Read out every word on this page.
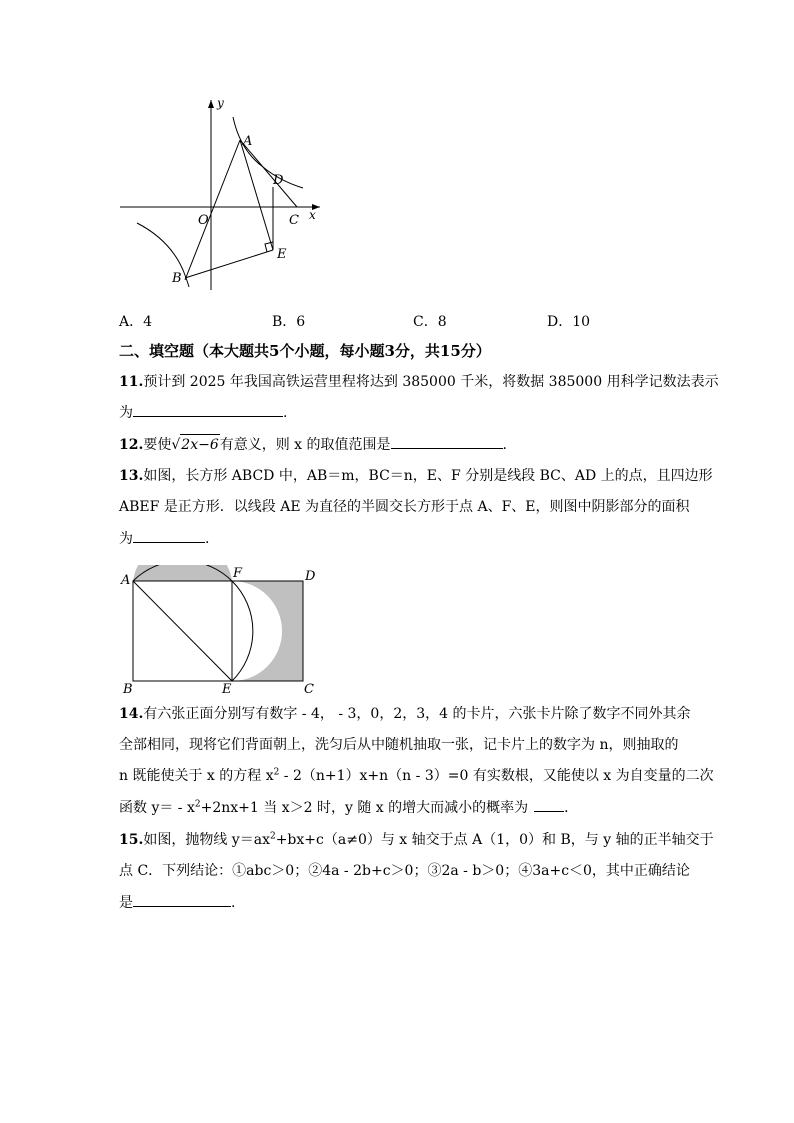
y
x
O
A
B
C
D
E
A．4	B．6	C．8	D．10
二、填空题（本大题共5个小题，每小题3分，共15分）
11.预计到 2025 年我国高铁运营里程将达到 385000 千米，将数据 385000 用科学记数法表示
为	.
12.要使√2x−6有意义，则 x 的取值范围是	.
13.如图，长方形 ABCD 中，AB＝m，BC＝n，E、F 分别是线段 BC、AD 上的点，且四边形
ABEF 是正方形．以线段 AE 为直径的半圆交长方形于点 A、F、E，则图中阴影部分的面积
为	.
A	F	D
B	E	C
14.有六张正面分别写有数字 - 4， - 3，0，2，3，4 的卡片，六张卡片除了数字不同外其余
全部相同，现将它们背面朝上，洗匀后从中随机抽取一张，记卡片上的数字为 n，则抽取的
n 既能使关于 x 的方程 $x^2 - 2(n+1)x+n(n - 3)=0$ 有实数根，又能使以 x 为自变量的二次
函数 $y= - x^2+2nx+1$ 当 x＞2 时，y 随 x 的增大而减小的概率为	．
15.如图，抛物线 $y=ax^2+bx+c(a\ne 0)$与 x 轴交于点 A（1，0）和 B，与 y 轴的正半轴交于
点 C．下列结论：①abc＞0；②4a - 2b+c＞0；③2a - b＞0；④3a+c＜0，其中正确结论
是	.
